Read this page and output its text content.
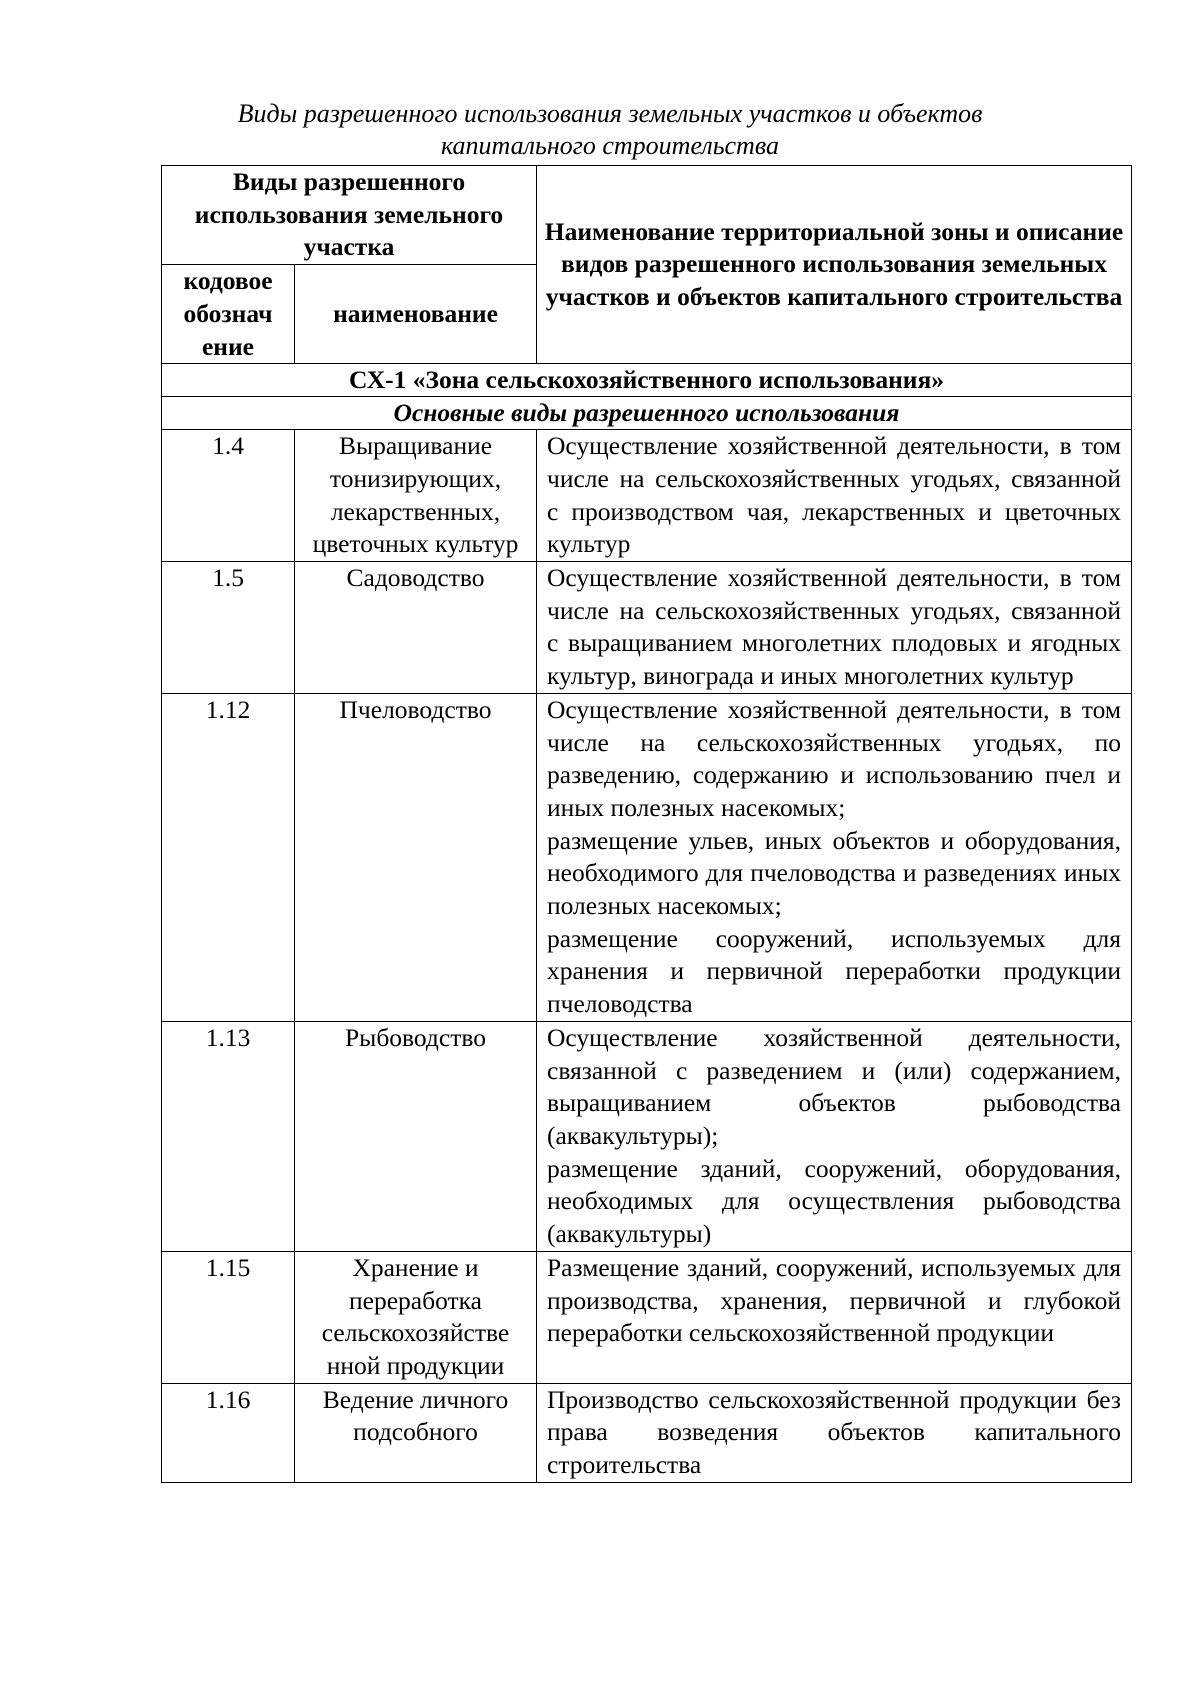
Виды разрешенного использования земельных участков и объектов
капитального строительства
Виды разрешенного использования земельного участка		Наименование территориальной зоны и описание видов разрешенного использования земельных участков и объектов капитального строительства
кодовое обознач ение	наименование	
СХ-1 «Зона сельскохозяйственного использования»		
Основные виды разрешенного использования		
1.4	Выращивание тонизирующих, лекарственных, цветочных культур	Осуществление хозяйственной деятельности, в том числе на сельскохозяйственных угодьях, связанной с производством чая, лекарственных и цветочных культур

1.5	Садоводство	Осуществление хозяйственной деятельности, в том числе на сельскохозяйственных угодьях, связанной с выращиванием многолетних плодовых и ягодных культур, винограда и иных многолетних культур

1.12	Пчеловодство	Осуществление хозяйственной деятельности, в том числе на сельскохозяйственных угодьях, по разведению, содержанию и использованию пчел и иных полезных насекомых;
размещение ульев, иных объектов и оборудования, необходимого для пчеловодства и разведениях иных полезных насекомых;
размещение сооружений, используемых для хранения и первичной переработки продукции пчеловодства

1.13	Рыбоводство	Осуществление хозяйственной деятельности, связанной с разведением и (или) содержанием, выращиванием объектов рыбоводства (аквакультуры);
размещение зданий, сооружений, оборудования, необходимых для осуществления рыбоводства (аквакультуры)

1.15	Хранение и переработка сельскохозяйстве нной продукции	Размещение зданий, сооружений, используемых для производства, хранения, первичной и глубокой переработки сельскохозяйственной продукции

1.16	Ведение личного подсобного	Производство сельскохозяйственной продукции без права возведения объектов капитального строительства
